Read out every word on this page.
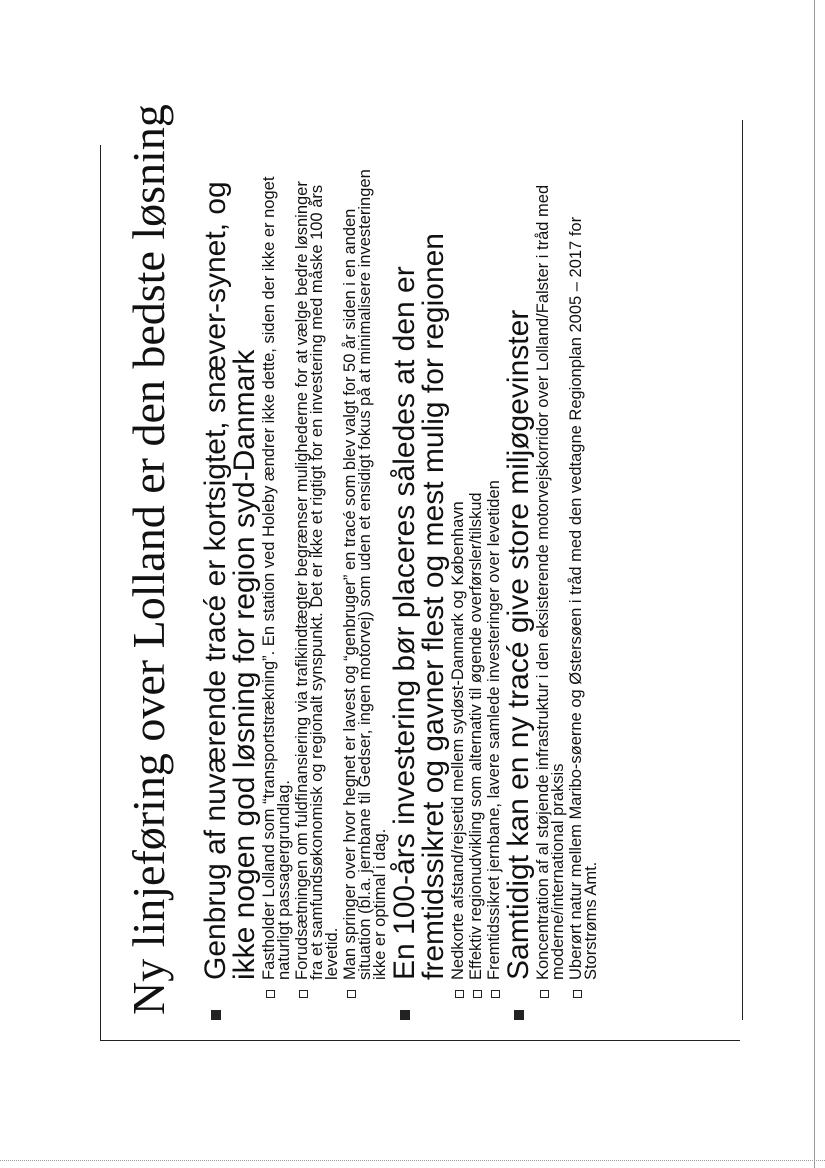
Ny linjeføring over Lolland er den bedste løsning Genbrug af nuværende tracé er kortsigtet, snæver-synet, og ikke nogen god løsning for region syd-Danmark Fastholder Lolland som “transportstrækning”. En station ved Holeby ændrer ikke dette, siden der ikke er noget naturligt passagergrundlag. Forudsætningen om fuldfinansiering via trafikindtægter begrænser mulighederne for at vælge bedre løsninger fra et samfundsøkonomisk og regionalt synspunkt. Det er ikke et rigtigt for en investering med måske 100 års levetid. Man springer over hvor hegnet er lavest og “genbruger” en tracé som blev valgt for 50 år siden i en anden situation (bl.a. jernbane til Gedser, ingen motorvej) som uden et ensidigt fokus på at minimalisere investeringen ikke er optimal i dag. En 100-års investering bør placeres således at den er fremtidssikret og gavner flest og mest mulig for regionen Nedkorte afstand/rejsetid mellem sydøst-Danmark og København Effektiv regionudvikling som alternativ til øgende overførsler/tilskud Fremtidssikret jernbane, lavere samlede investeringer over levetiden Samtidigt kan en ny tracé give store miljøgevinster Koncentration af al støjende infrastruktur i den eksisterende motorvejskorridor over Lolland/Falster i tråd med moderne/international praksis Uberørt natur mellem Maribo-søerne og Østersøen i tråd med den vedtagne Regionplan 2005 – 2017 for Storstrøms Amt.
